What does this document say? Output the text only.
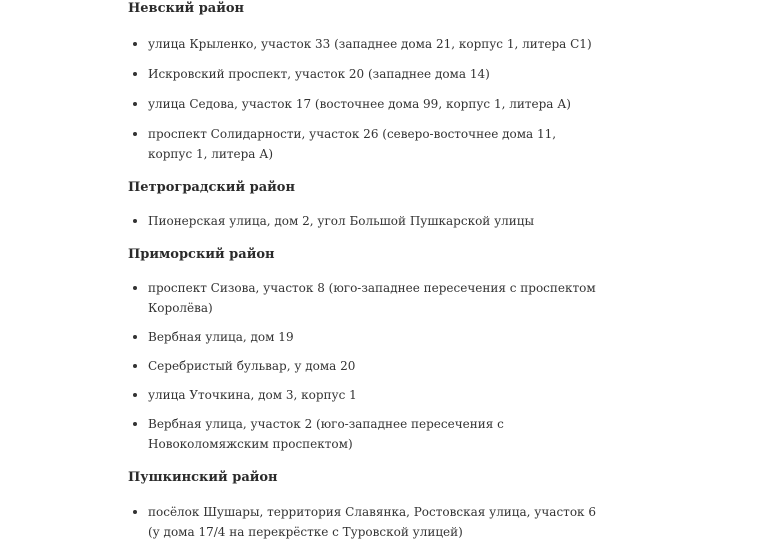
Невский район
улица Крыленко, участок 33 (западнее дома 21, корпус 1, литера С1)
Искровский проспект, участок 20 (западнее дома 14)
улица Седова, участок 17 (восточнее дома 99, корпус 1, литера А)
проспект Солидарности, участок 26 (северо-восточнее дома 11, корпус 1, литера А)
Петроградский район
Пионерская улица, дом 2, угол Большой Пушкарской улицы
Приморский район
проспект Сизова, участок 8 (юго-западнее пересечения с проспектом Королёва)
Вербная улица, дом 19
Серебристый бульвар, у дома 20
улица Уточкина, дом 3, корпус 1
Вербная улица, участок 2 (юго-западнее пересечения с Новоколомяжским проспектом)
Пушкинский район
посёлок Шушары, территория Славянка, Ростовская улица, участок 6 (у дома 17/4 на перекрёстке с Туровской улицей)
